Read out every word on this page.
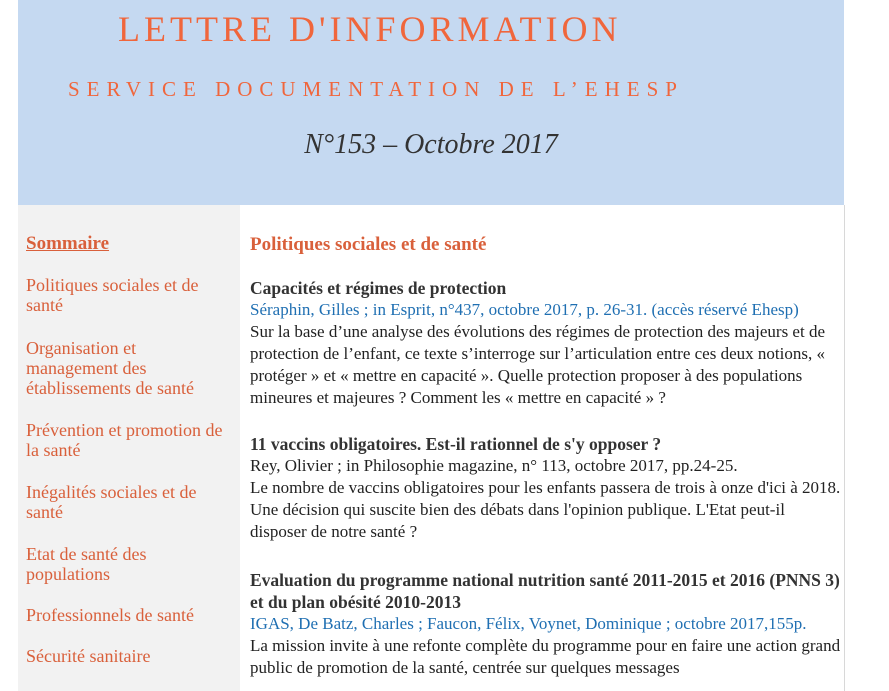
LETTRE D'INFORMATION
SERVICE DOCUMENTATION DE L’EHESP
N°153 – Octobre 2017
Sommaire
Politiques sociales et de santé
Organisation et management des établissements de santé
Prévention et promotion de la santé
Inégalités sociales et de santé
Etat de santé des populations
Professionnels de santé
Sécurité sanitaire
Politiques sociales et de santé
Capacités et régimes de protection
Séraphin, Gilles ; in Esprit, n°437, octobre 2017, p. 26-31. (accès réservé Ehesp)
Sur la base d’une analyse des évolutions des régimes de protection des majeurs et de protection de l’enfant, ce texte s’interroge sur l’articulation entre ces deux notions, « protéger » et « mettre en capacité ». Quelle protection proposer à des populations mineures et majeures ? Comment les « mettre en capacité » ?
11 vaccins obligatoires. Est-il rationnel de s'y opposer ?
Rey, Olivier ; in Philosophie magazine, n° 113, octobre 2017, pp.24-25.
Le nombre de vaccins obligatoires pour les enfants passera de trois à onze d'ici à 2018. Une décision qui suscite bien des débats dans l'opinion publique. L'Etat peut-il disposer de notre santé ?
Evaluation du programme national nutrition santé 2011-2015 et 2016 (PNNS 3) et du plan obésité 2010-2013
IGAS, De Batz, Charles ; Faucon, Félix, Voynet, Dominique ; octobre 2017,155p.
La mission invite à une refonte complète du programme pour en faire une action grand public de promotion de la santé, centrée sur quelques messages
